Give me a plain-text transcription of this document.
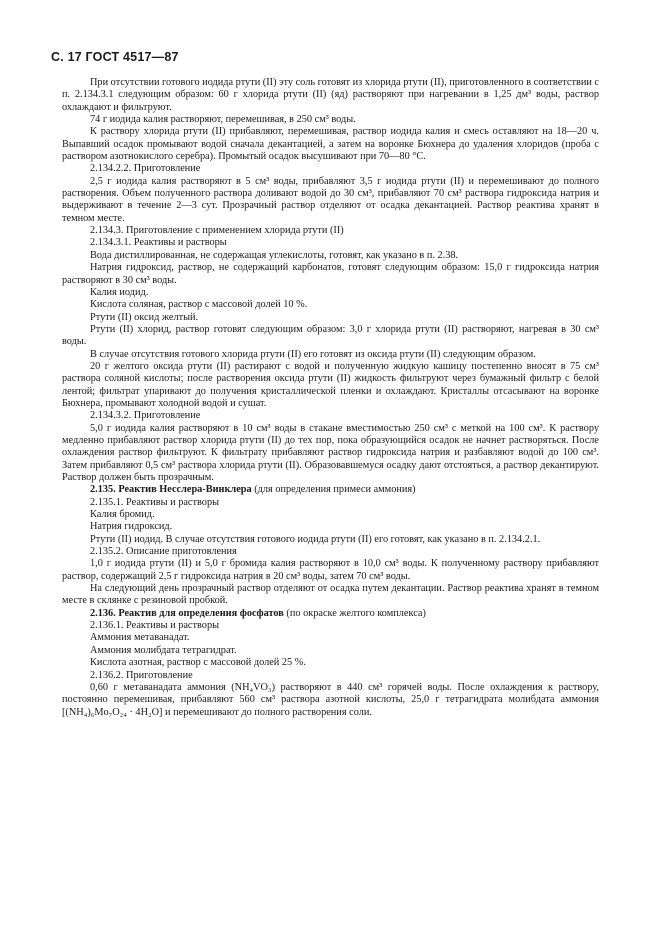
С. 17 ГОСТ 4517—87

При отсутствии готового иодида ртути (II) эту соль готовят из хлорида ртути (II), приготовленного в соответствии с п. 2.134.3.1 следующим образом: 60 г хлорида ртути (II) (яд) растворяют при нагревании в 1,25 дм³ воды, раствор охлаждают и фильтруют.

74 г иодида калия растворяют, перемешивая, в 250 см³ воды.

К раствору хлорида ртути (II) прибавляют, перемешивая, раствор иодида калия и смесь оставляют на 18—20 ч. Выпавший осадок промывают водой сначала декантацией, а затем на воронке Бюхнера до удаления хлоридов (проба с раствором азотнокислого серебра). Промытый осадок высушивают при 70—80 °С.

2.134.2.2. Приготовление

2,5 г иодида калия растворяют в 5 см³ воды, прибавляют 3,5 г иодида ртути (II) и перемешивают до полного растворения. Объем полученного раствора доливают водой до 30 см³, прибавляют 70 см³ раствора гидроксида натрия и выдерживают в течение 2—3 сут. Прозрачный раствор отделяют от осадка декантацией. Раствор реактива хранят в темном месте.

2.134.3. Приготовление с применением хлорида ртути (II)

2.134.3.1. Реактивы и растворы

Вода дистиллированная, не содержащая углекислоты, готовят, как указано в п. 2.38.

Натрия гидроксид, раствор, не содержащий карбонатов, готовят следующим образом: 15,0 г гидроксида натрия растворяют в 30 см³ воды.

Калия иодид.

Кислота соляная, раствор с массовой долей 10 %.

Ртути (II) оксид желтый.

Ртути (II) хлорид, раствор готовят следующим образом: 3,0 г хлорида ртути (II) растворяют, нагревая в 30 см³ воды.

В случае отсутствия готового хлорида ртути (II) его готовят из оксида ртути (II) следующим образом.

20 г желтого оксида ртути (II) растирают с водой и полученную жидкую кашицу постепенно вносят в 75 см³ раствора соляной кислоты; после растворения оксида ртути (II) жидкость фильтруют через бумажный фильтр с белой лентой; фильтрат упаривают до получения кристаллической пленки и охлаждают. Кристаллы отсасывают на воронке Бюхнера, промывают холодной водой и сушат.

2.134.3.2. Приготовление

5,0 г иодида калия растворяют в 10 см³ воды в стакане вместимостью 250 см³ с меткой на 100 см³. К раствору медленно прибавляют раствор хлорида ртути (II) до тех пор, пока образующийся осадок не начнет растворяться. После охлаждения раствор фильтруют. К фильтрату прибавляют раствор гидроксида натрия и разбавляют водой до 100 см³. Затем прибавляют 0,5 см³ раствора хлорида ртути (II). Образовавшемуся осадку дают отстояться, а раствор декантируют. Раствор должен быть прозрачным.

2.135. Реактив Несслера-Винклера (для определения примеси аммония)

2.135.1. Реактивы и растворы

Калия бромид.

Натрия гидроксид.

Ртути (II) иодид. В случае отсутствия готового иодида ртути (II) его готовят, как указано в п. 2.134.2.1.

2.135.2. Описание приготовления

1,0 г иодида ртути (II) и 5,0 г бромида калия растворяют в 10,0 см³ воды. К полученному раствору прибавляют раствор, содержащий 2,5 г гидроксида натрия в 20 см³ воды, затем 70 см³ воды.

На следующий день прозрачный раствор отделяют от осадка путем декантации. Раствор реактива хранят в темном месте в склянке с резиновой пробкой.

2.136. Реактив для определения фосфатов (по окраске желтого комплекса)

2.136.1. Реактивы и растворы

Аммония метаванадат.

Аммония молибдата тетрагидрат.

Кислота азотная, раствор с массовой долей 25 %.

2.136.2. Приготовление

0,60 г метаванадата аммония (NH₄VO₃) растворяют в 440 см³ горячей воды. После охлаждения к раствору, постоянно перемешивая, прибавляют 560 см³ раствора азотной кислоты, 25,0 г тетрагидрата молибдата аммония [(NH₄)₆Mo₇O₂₄ · 4H₂O] и перемешивают до полного растворения соли.
